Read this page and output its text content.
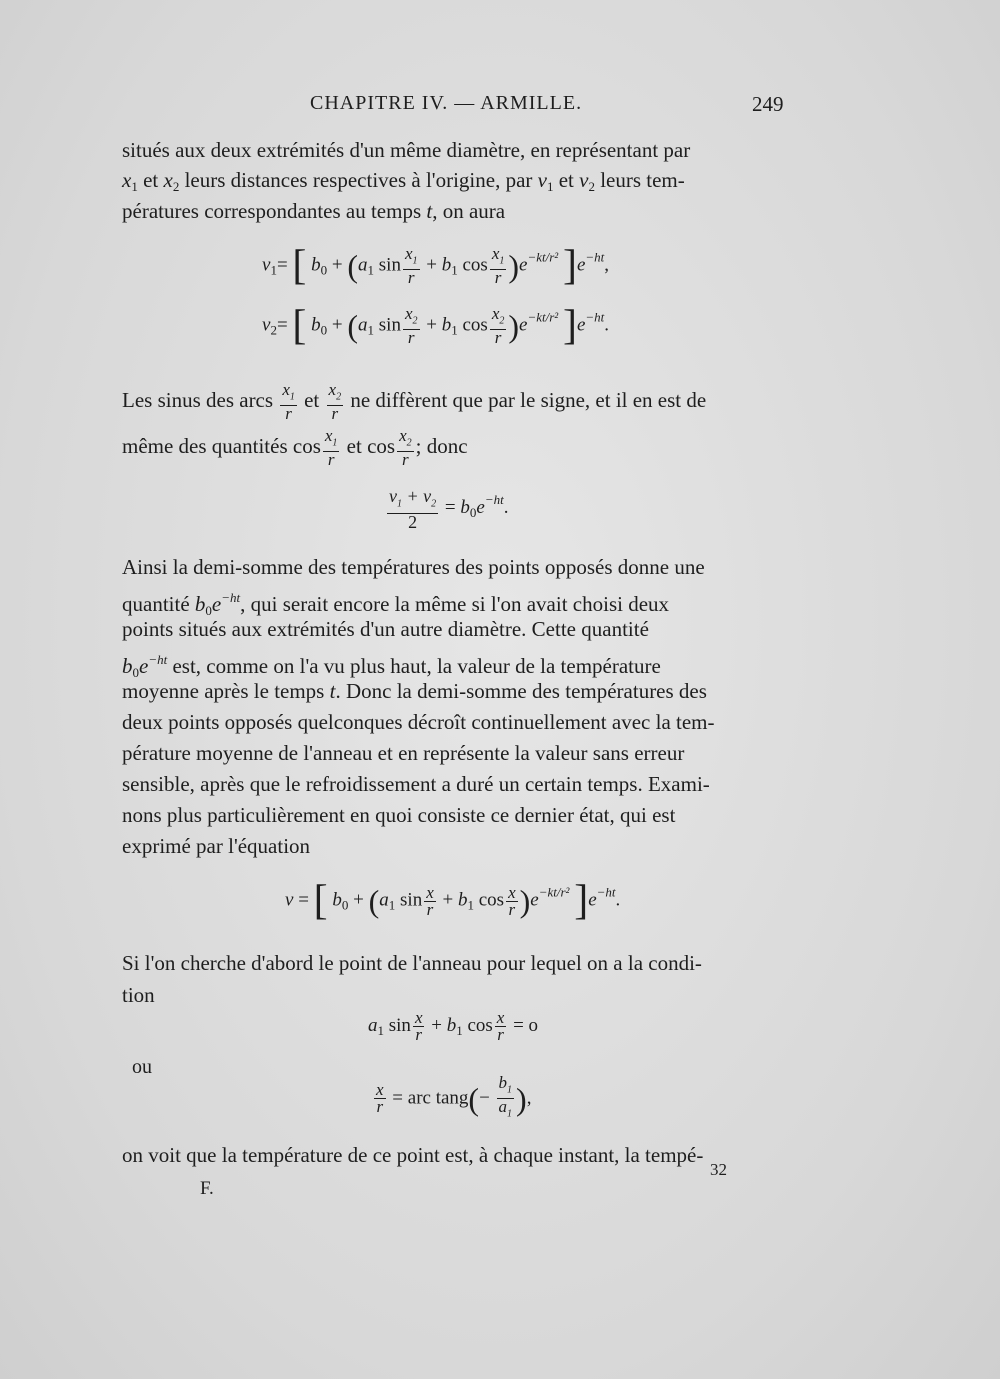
CHAPITRE IV. — ARMILLE.	249
situés aux deux extrémités d'un même diamètre, en représentant par
$x_1$ et $x_2$ leurs distances respectives à l'origine, par $v_1$ et $v_2$ leurs tem-
pératures correspondantes au temps t, on aura
$v_1=$ [ $b_0 + (a_1$ $\sin \frac{x_1}{r} + b_1$ $\cos \frac{x_1}{r} )e^{-kt/r^2}$ ]$e^{-ht}$,
$v_2=$ [ $b_0 + (a_1$ $\sin \frac{x_2}{r} + b_1$ $\cos \frac{x_2}{r} )e^{-kt/r^2}$ ]$e^{-ht}$.
Les sinus des arcs $\frac{x_1}{r}$ et $\frac{x_2}{r}$ ne diffèrent que par le signe, et il en est de
même des quantités $\cos \frac{x_1}{r}$ et $\cos \frac{x_2}{r}$ ; donc
$\frac{v_1 + v_2}{2} = b_0e^{-ht}$.
Ainsi la demi-somme des températures des points opposés donne une
quantité $b_0e^{-ht}$, qui serait encore la même si l'on avait choisi deux
points situés aux extrémités d'un autre diamètre. Cette quantité
$b_0e^{-ht}$ est, comme on l'a vu plus haut, la valeur de la température
moyenne après le temps t. Donc la demi-somme des températures des
deux points opposés quelconques décroît continuellement avec la tem-
pérature moyenne de l'anneau et en représente la valeur sans erreur
sensible, après que le refroidissement a duré un certain temps. Exami-
nons plus particulièrement en quoi consiste ce dernier état, qui est
exprimé par l'équation
v = [ $b_0 + (a_1$ $\sin \frac{x}{r} + b_1$ $\cos \frac{x}{r} )e^{-kt/r^2}$ ]$e^{-ht}$.
Si l'on cherche d'abord le point de l'anneau pour lequel on a la condi-
tion
$a_1$ $\sin \frac{x}{r} + b_1$ $\cos \frac{x}{r} = o$
ou
$\frac{x}{r}$ = arc $\tan g(- \frac{b_1}{a_1}$ ),
on voit que la température de ce point est, à chaque instant, la tempé-
F.
32
